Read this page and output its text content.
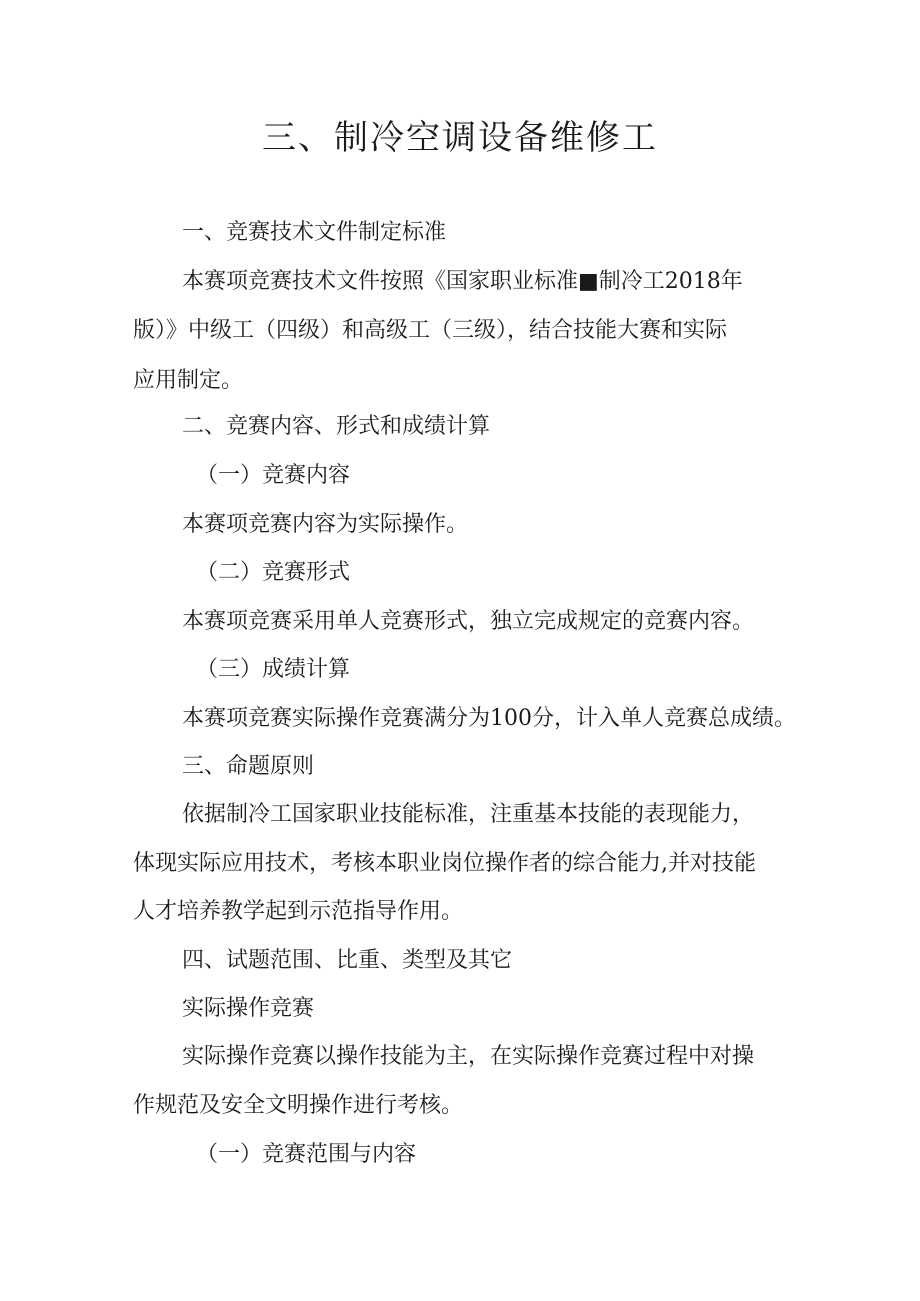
三、制冷空调设备维修工
一、竞赛技术文件制定标准
本赛项竞赛技术文件按照《国家职业标准■制冷工2018年
版）》中级工（四级）和高级工（三级），结合技能大赛和实际
应用制定。
二、竞赛内容、形式和成绩计算
（一）竞赛内容
本赛项竞赛内容为实际操作。
（二）竞赛形式
本赛项竞赛采用单人竞赛形式，独立完成规定的竞赛内容。
（三）成绩计算
本赛项竞赛实际操作竞赛满分为100分，计入单人竞赛总成绩。
三、命题原则
依据制冷工国家职业技能标准，注重基本技能的表现能力，
体现实际应用技术，考核本职业岗位操作者的综合能力,并对技能
人才培养教学起到示范指导作用。
四、试题范围、比重、类型及其它
实际操作竞赛
实际操作竞赛以操作技能为主，在实际操作竞赛过程中对操
作规范及安全文明操作进行考核。
（一）竞赛范围与内容
